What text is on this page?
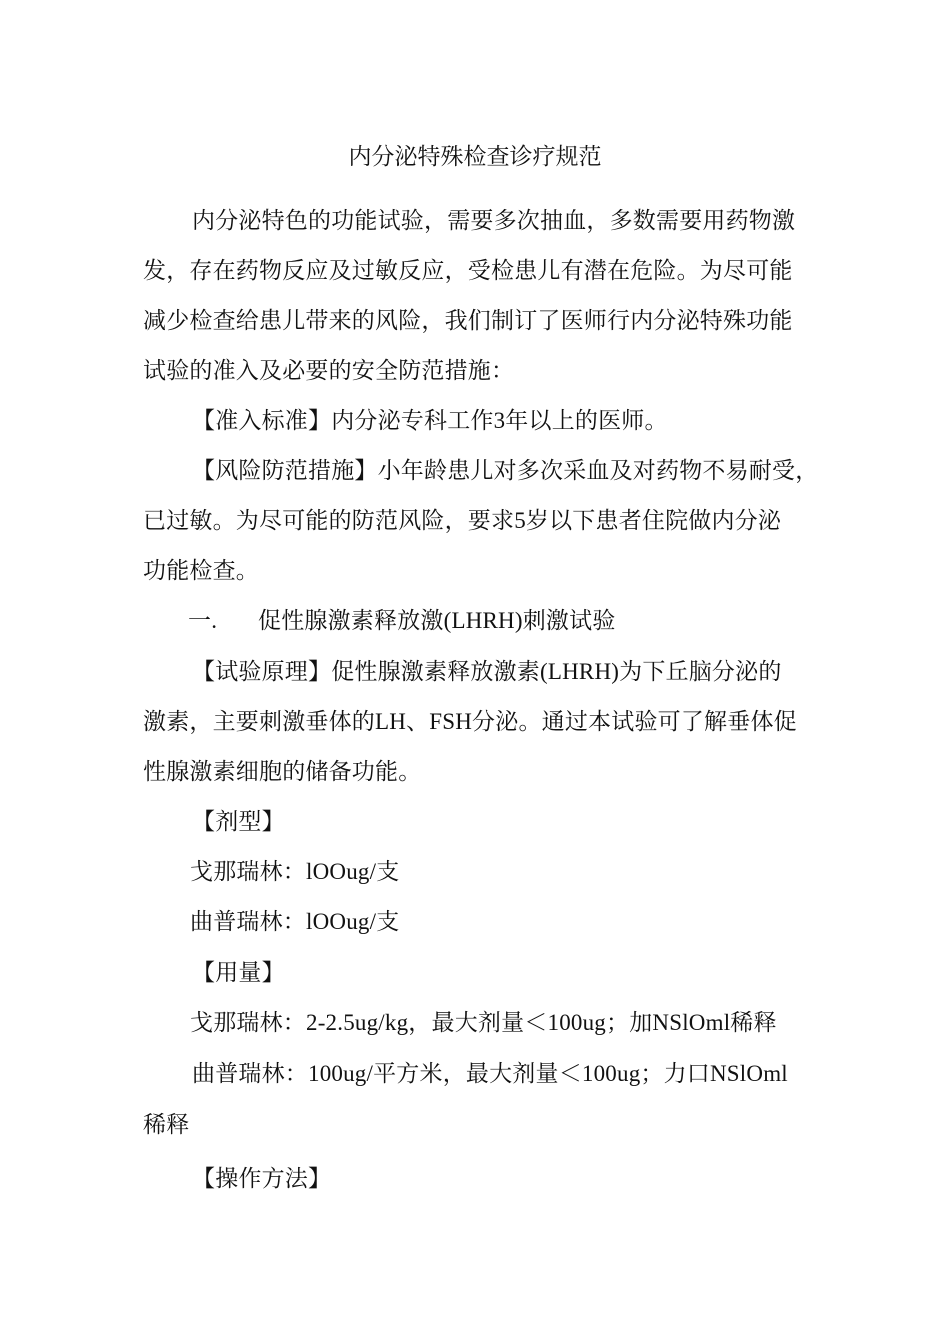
内分泌特殊检查诊疗规范
内分泌特色的功能试验，需要多次抽血，多数需要用药物激
发，存在药物反应及过敏反应，受检患儿有潜在危险。为尽可能
减少检查给患儿带来的风险，我们制订了医师行内分泌特殊功能
试验的准入及必要的安全防范措施：
【准入标准】内分泌专科工作3年以上的医师。
【风险防范措施】小年龄患儿对多次采血及对药物不易耐受，
已过敏。为尽可能的防范风险，要求5岁以下患者住院做内分泌
功能检查。
一. 促性腺激素释放激(LHRH)刺激试验
【试验原理】促性腺激素释放激素(LHRH)为下丘脑分泌的
激素，主要刺激垂体的LH、FSH分泌。通过本试验可了解垂体促
性腺激素细胞的储备功能。
【剂型】
戈那瑞林：lOOug/支
曲普瑞林：lOOug/支
【用量】
戈那瑞林：2-2.5ug/kg，最大剂量＜100ug；加NSlOml稀释
曲普瑞林：100ug/平方米，最大剂量＜100ug；力口NSlOml
稀释
【操作方法】
